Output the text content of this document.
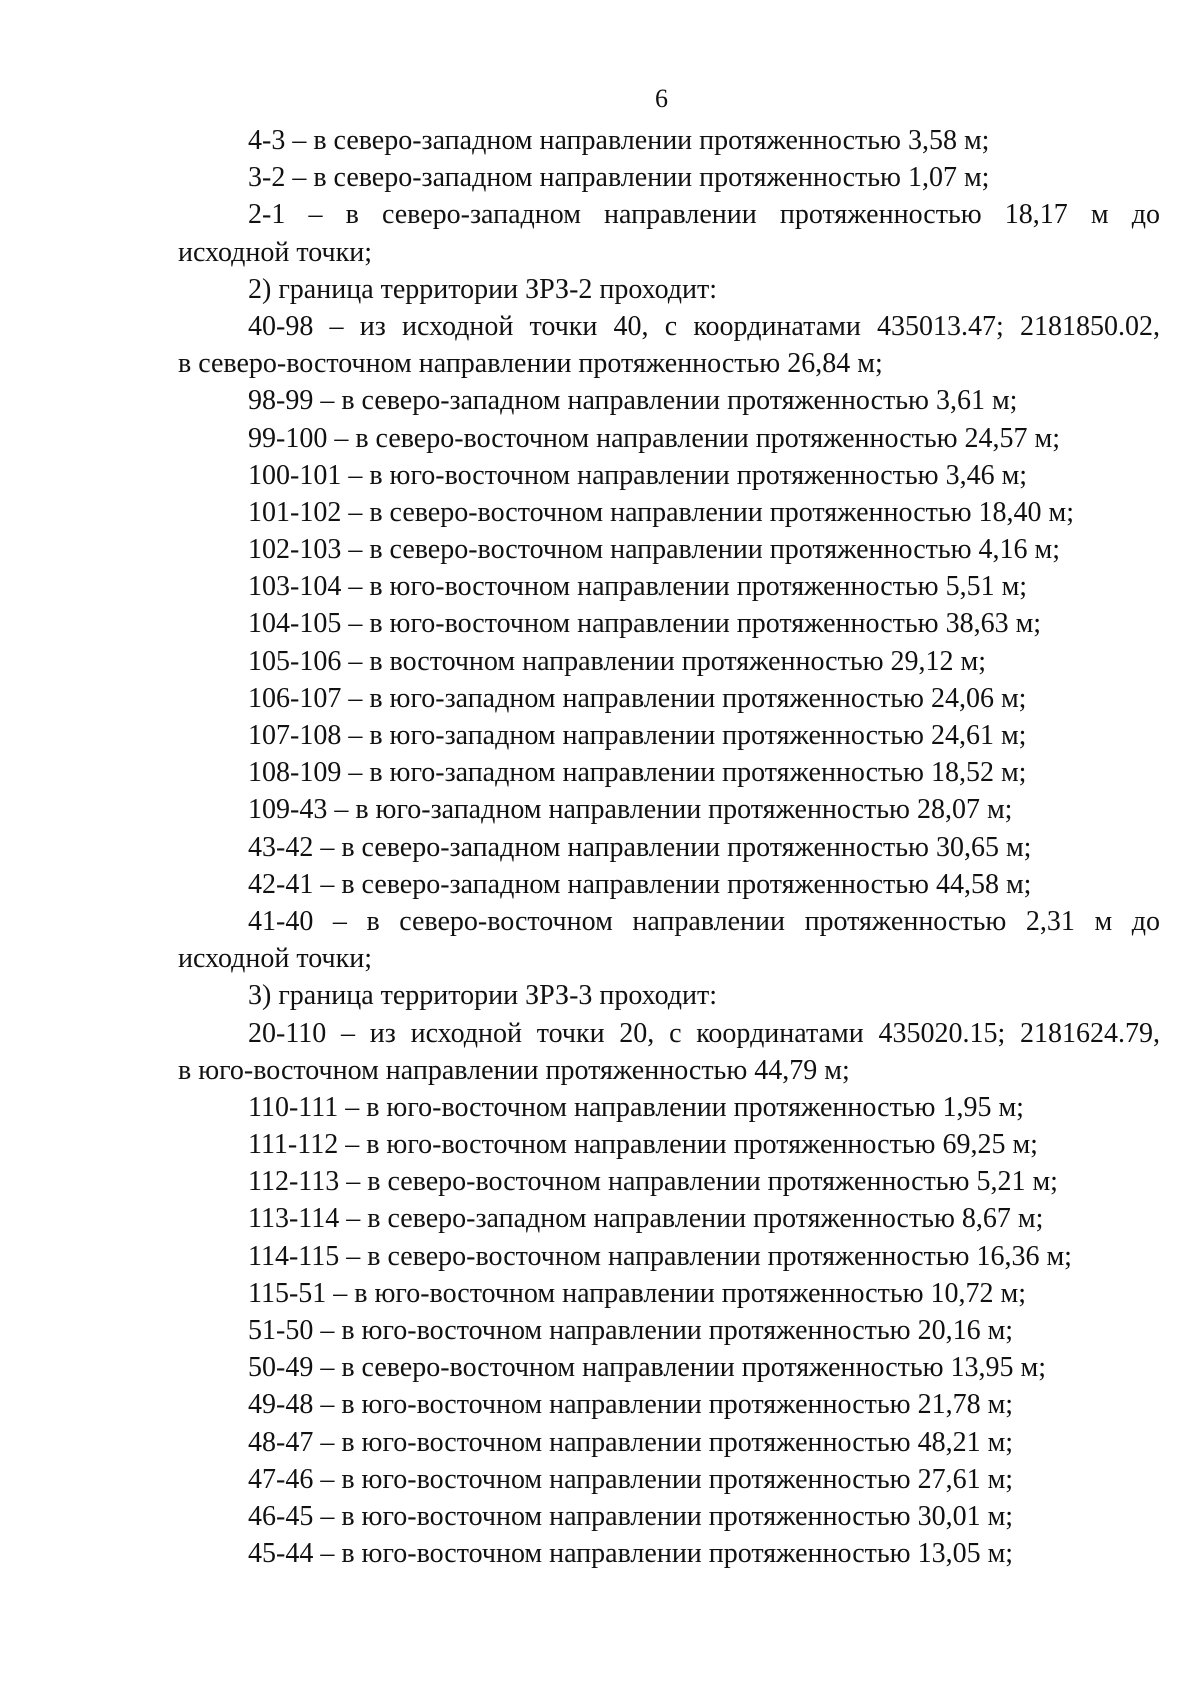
6
4-3 – в северо-западном направлении протяженностью 3,58 м;
3-2 – в северо-западном направлении протяженностью 1,07 м;
2-1 – в северо-западном направлении протяженностью 18,17 м до
исходной точки;
2) граница территории ЗРЗ-2 проходит:
40-98 – из исходной точки 40, с координатами 435013.47; 2181850.02,
в северо-восточном направлении протяженностью 26,84 м;
98-99 – в северо-западном направлении протяженностью 3,61 м;
99-100 – в северо-восточном направлении протяженностью 24,57 м;
100-101 – в юго-восточном направлении протяженностью 3,46 м;
101-102 – в северо-восточном направлении протяженностью 18,40 м;
102-103 – в северо-восточном направлении протяженностью 4,16 м;
103-104 – в юго-восточном направлении протяженностью 5,51 м;
104-105 – в юго-восточном направлении протяженностью 38,63 м;
105-106 – в восточном направлении протяженностью 29,12 м;
106-107 – в юго-западном направлении протяженностью 24,06 м;
107-108 – в юго-западном направлении протяженностью 24,61 м;
108-109 – в юго-западном направлении протяженностью 18,52 м;
109-43 – в юго-западном направлении протяженностью 28,07 м;
43-42 – в северо-западном направлении протяженностью 30,65 м;
42-41 – в северо-западном направлении протяженностью 44,58 м;
41-40 – в северо-восточном направлении протяженностью 2,31 м до
исходной точки;
3) граница территории ЗРЗ-3 проходит:
20-110 – из исходной точки 20, с координатами 435020.15; 2181624.79,
в юго-восточном направлении протяженностью 44,79 м;
110-111 – в юго-восточном направлении протяженностью 1,95 м;
111-112 – в юго-восточном направлении протяженностью 69,25 м;
112-113 – в северо-восточном направлении протяженностью 5,21 м;
113-114 – в северо-западном направлении протяженностью 8,67 м;
114-115 – в северо-восточном направлении протяженностью 16,36 м;
115-51 – в юго-восточном направлении протяженностью 10,72 м;
51-50 – в юго-восточном направлении протяженностью 20,16 м;
50-49 – в северо-восточном направлении протяженностью 13,95 м;
49-48 – в юго-восточном направлении протяженностью 21,78 м;
48-47 – в юго-восточном направлении протяженностью 48,21 м;
47-46 – в юго-восточном направлении протяженностью 27,61 м;
46-45 – в юго-восточном направлении протяженностью 30,01 м;
45-44 – в юго-восточном направлении протяженностью 13,05 м;
